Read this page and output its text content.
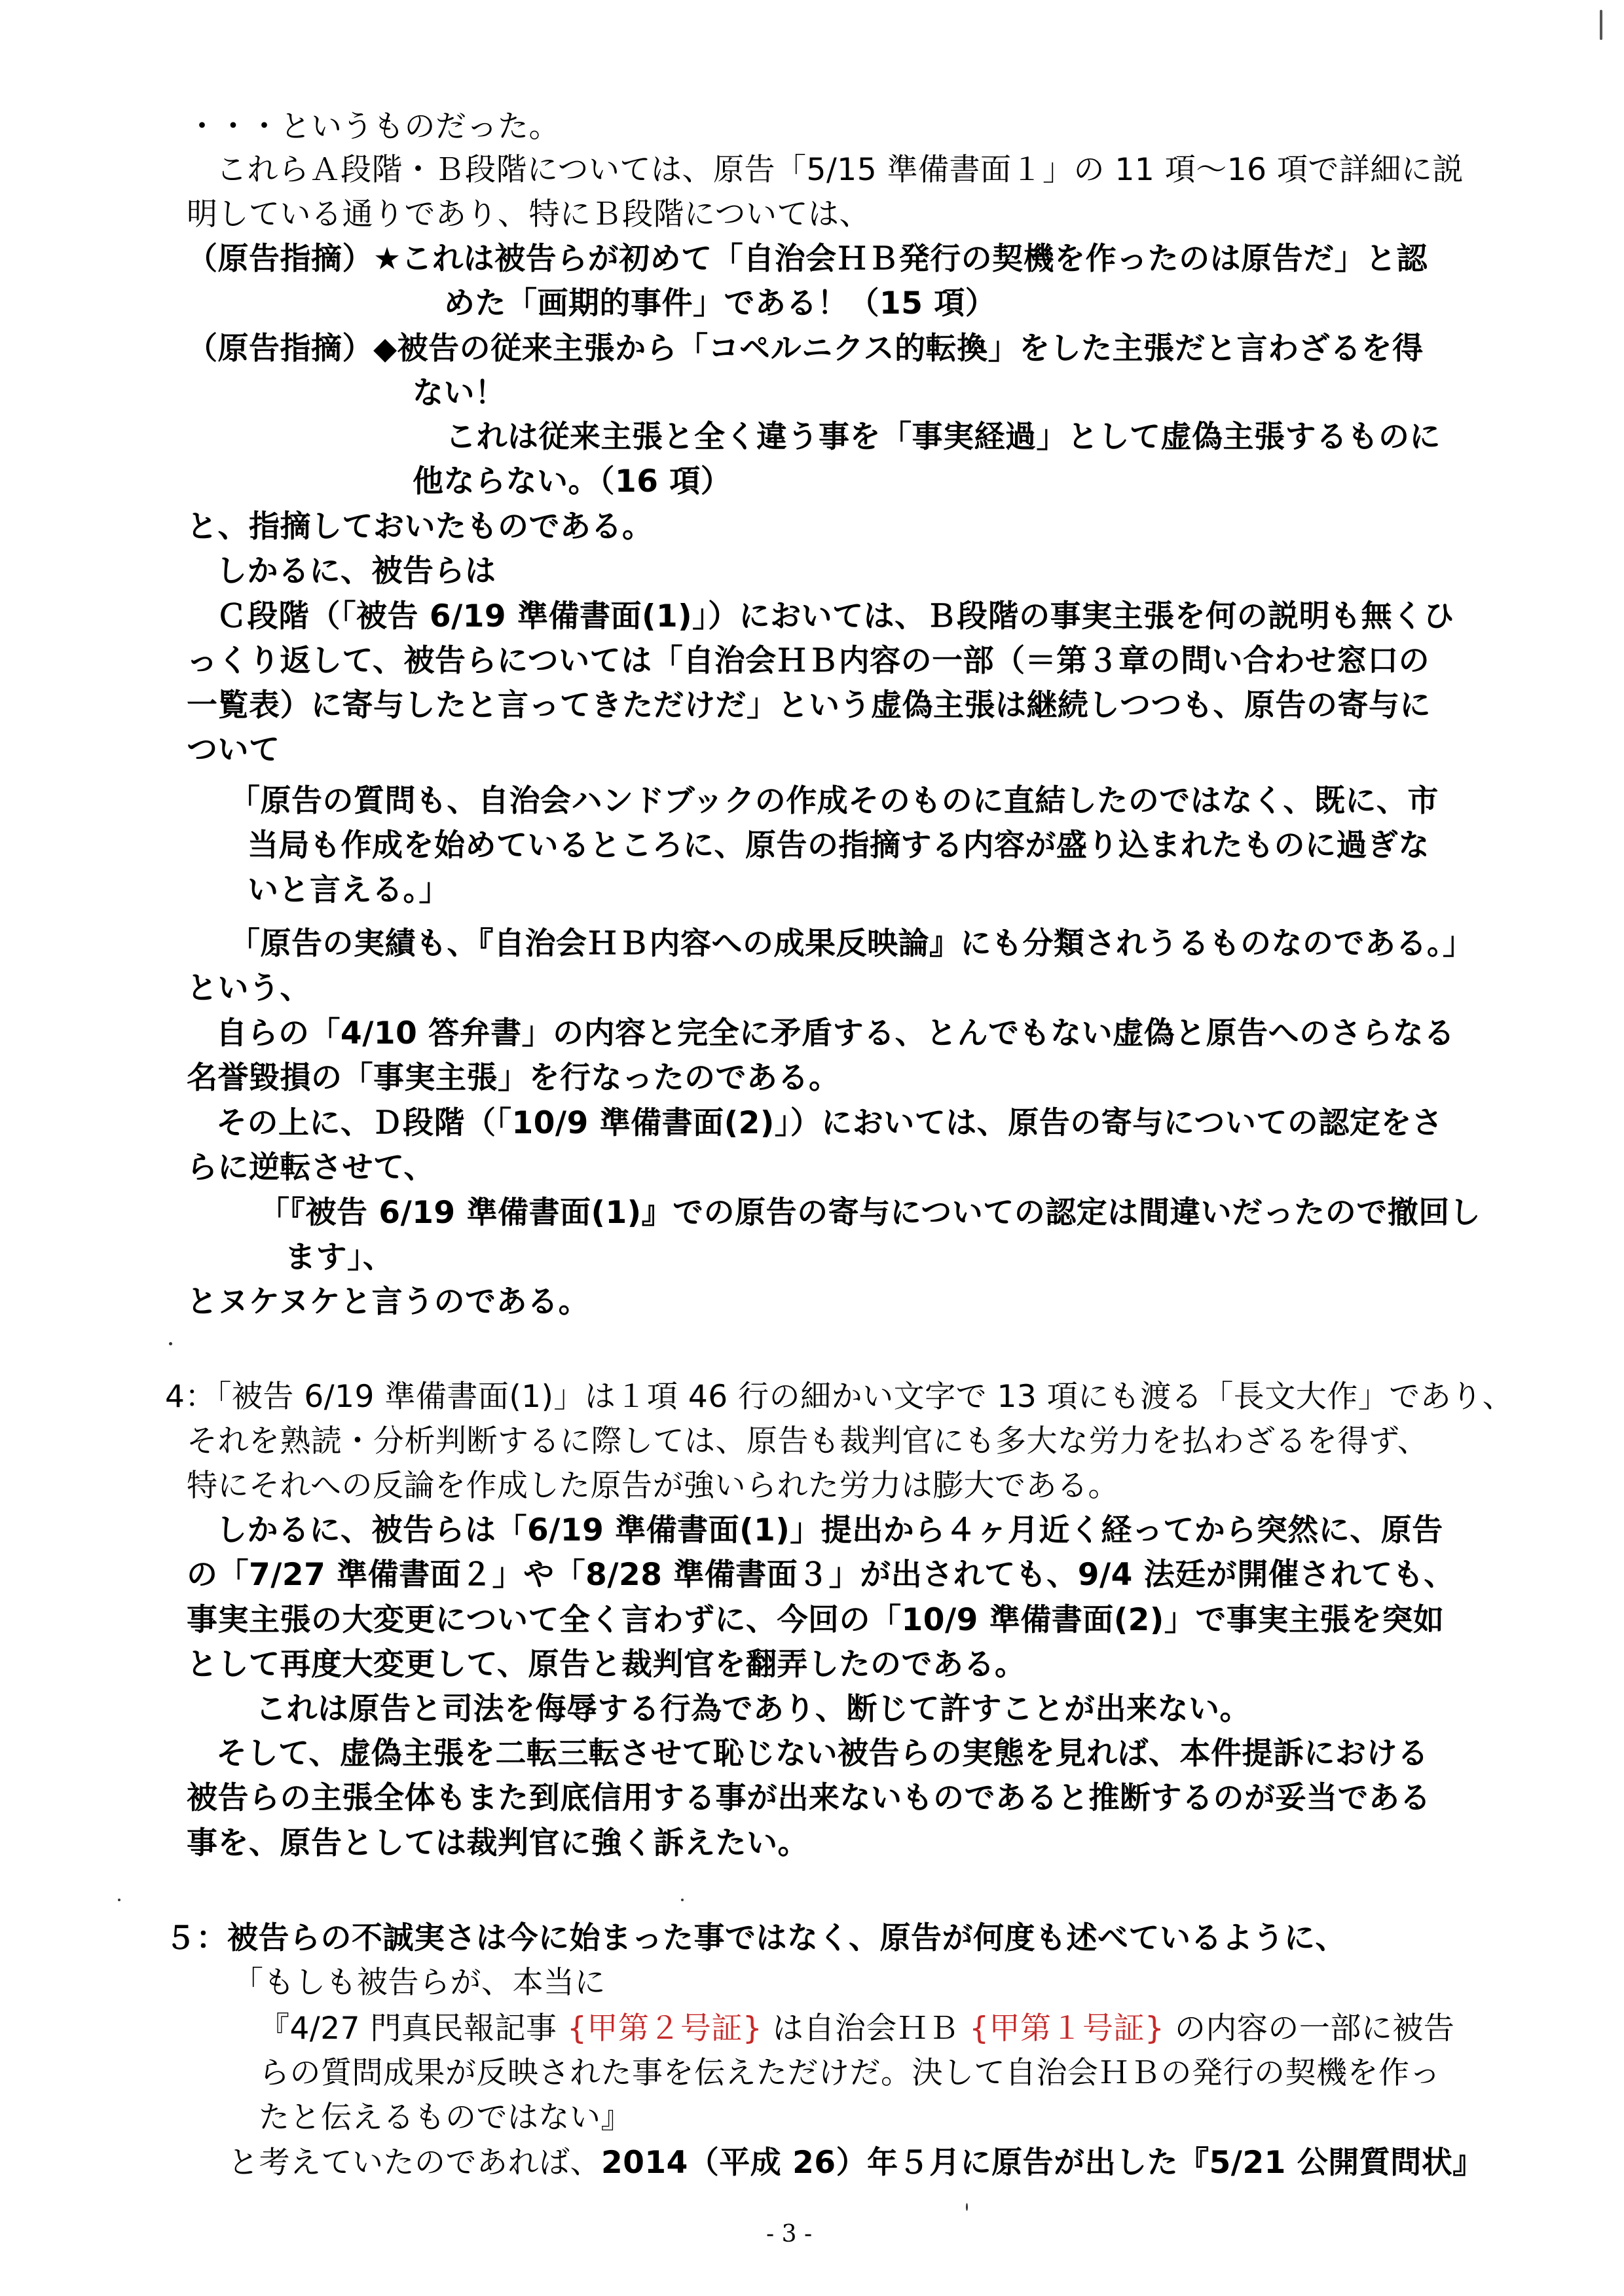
・・・というものだった。
これらＡ段階・Ｂ段階については、原告「5/15 準備書面１」の 11 項～16 項で詳細に説
明している通りであり、特にＢ段階については、
（原告指摘）★これは被告らが初めて「自治会ＨＢ発行の契機を作ったのは原告だ」と認
めた「画期的事件」である！（15 項）
（原告指摘）◆被告の従来主張から「コペルニクス的転換」をした主張だと言わざるを得
ない！
これは従来主張と全く違う事を「事実経過」として虚偽主張するものに
他ならない。（16 項）
と、指摘しておいたものである。
しかるに、被告らは
Ｃ段階（「被告 6/19 準備書面(1)」）においては、Ｂ段階の事実主張を何の説明も無くひ
っくり返して、被告らについては「自治会ＨＢ内容の一部（＝第３章の問い合わせ窓口の
一覧表）に寄与したと言ってきただけだ」という虚偽主張は継続しつつも、原告の寄与に
ついて
「原告の質問も、自治会ハンドブックの作成そのものに直結したのではなく、既に、市
当局も作成を始めているところに、原告の指摘する内容が盛り込まれたものに過ぎな
いと言える。」
「原告の実績も、『自治会ＨＢ内容への成果反映論』にも分類されうるものなのである。」
という、
自らの「4/10 答弁書」の内容と完全に矛盾する、とんでもない虚偽と原告へのさらなる
名誉毀損の「事実主張」を行なったのである。
その上に、Ｄ段階（「10/9 準備書面(2)」）においては、原告の寄与についての認定をさ
らに逆転させて、
「『被告 6/19 準備書面(1)』での原告の寄与についての認定は間違いだったので撤回し
ます」、
とヌケヌケと言うのである。
4：「被告 6/19 準備書面(1)」は１項 46 行の細かい文字で 13 項にも渡る「長文大作」であり、
それを熟読・分析判断するに際しては、原告も裁判官にも多大な労力を払わざるを得ず、
特にそれへの反論を作成した原告が強いられた労力は膨大である。
しかるに、被告らは「6/19 準備書面(1)」提出から４ヶ月近く経ってから突然に、原告
の「7/27 準備書面２」や「8/28 準備書面３」が出されても、9/4 法廷が開催されても、
事実主張の大変更について全く言わずに、今回の「10/9 準備書面(2)」で事実主張を突如
として再度大変更して、原告と裁判官を翻弄したのである。
これは原告と司法を侮辱する行為であり、断じて許すことが出来ない。
そして、虚偽主張を二転三転させて恥じない被告らの実態を見れば、本件提訴における
被告らの主張全体もまた到底信用する事が出来ないものであると推断するのが妥当である
事を、原告としては裁判官に強く訴えたい。
５：被告らの不誠実さは今に始まった事ではなく、原告が何度も述べているように、
「もしも被告らが、本当に
『4/27 門真民報記事 {甲第２号証} は自治会ＨＢ {甲第１号証} の内容の一部に被告
らの質問成果が反映された事を伝えただけだ。決して自治会ＨＢの発行の契機を作っ
たと伝えるものではない』
と考えていたのであれば、2014（平成 26）年５月に原告が出した『5/21 公開質問状』
- 3 -
